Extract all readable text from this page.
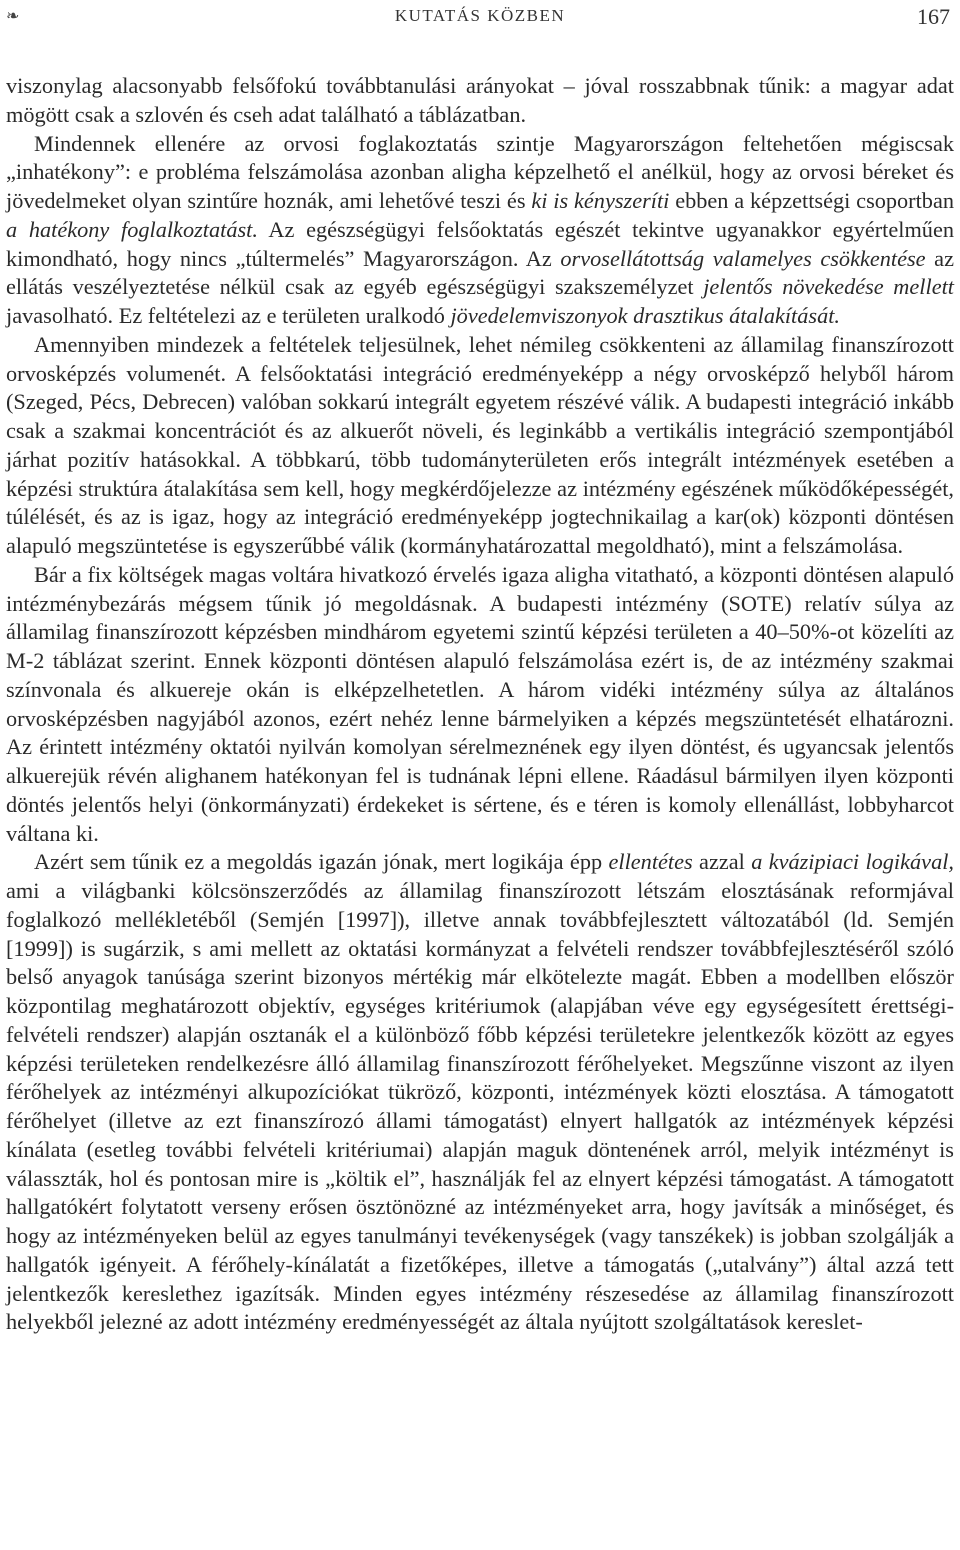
❧	KUTATÁS KÖZBEN	167

viszonylag alacsonyabb felsőfokú továbbtanulási arányokat – jóval rosszabbnak tűnik: a magyar adat mögött csak a szlovén és cseh adat található a táblázatban.

Mindennek ellenére az orvosi foglakoztatás szintje Magyarországon feltehetően mégiscsak „inhatékony”: e probléma felszámolása azonban aligha képzelhető el anélkül, hogy az orvosi béreket és jövedelmeket olyan szintűre hoznák, ami lehetővé teszi és ki is kényszeríti ebben a képzettségi csoportban a hatékony foglalkoztatást. Az egészségügyi felsőoktatás egészét tekintve ugyanakkor egyértelműen kimondható, hogy nincs „túltermelés” Magyarországon. Az orvosellátottság valamelyes csökkentése az ellátás veszélyeztetése nélkül csak az egyéb egészségügyi szakszemélyzet jelentős növekedése mellett javasolható. Ez feltételezi az e területen uralkodó jövedelemviszonyok drasztikus átalakítását.

Amennyiben mindezek a feltételek teljesülnek, lehet némileg csökkenteni az államilag finanszírozott orvosképzés volumenét. A felsőoktatási integráció eredményeképp a négy orvosképző helyből három (Szeged, Pécs, Debrecen) valóban sokkarú integrált egyetem részévé válik. A budapesti integráció inkább csak a szakmai koncentrációt és az alkuerőt növeli, és leginkább a vertikális integráció szempontjából járhat pozitív hatásokkal. A többkarú, több tudományterületen erős integrált intézmények esetében a képzési struktúra átalakítása sem kell, hogy megkérdőjelezze az intézmény egészének működőképességét, túlélését, és az is igaz, hogy az integráció eredményeképp jogtechnikailag a kar(ok) központi döntésen alapuló megszüntetése is egyszerűbbé válik (kormányhatározattal megoldható), mint a felszámolása.

Bár a fix költségek magas voltára hivatkozó érvelés igaza aligha vitatható, a központi döntésen alapuló intézménybezárás mégsem tűnik jó megoldásnak. A budapesti intézmény (SOTE) relatív súlya az államilag finanszírozott képzésben mindhárom egyetemi szintű képzési területen a 40–50%-ot közelíti az M-2 táblázat szerint. Ennek központi döntésen alapuló felszámolása ezért is, de az intézmény szakmai színvonala és alkuereje okán is elképzelhetetlen. A három vidéki intézmény súlya az általános orvosképzésben nagyjából azonos, ezért nehéz lenne bármelyiken a képzés megszüntetését elhatározni. Az érintett intézmény oktatói nyilván komolyan sérelmeznének egy ilyen döntést, és ugyancsak jelentős alkuerejük révén alighanem hatékonyan fel is tudnának lépni ellene. Ráadásul bármilyen ilyen központi döntés jelentős helyi (önkormányzati) érdekeket is sértene, és e téren is komoly ellenállást, lobbyharcot váltana ki.

Azért sem tűnik ez a megoldás igazán jónak, mert logikája épp ellentétes azzal a kvázipiaci logikával, ami a világbanki kölcsönszerződés az államilag finanszírozott létszám elosztásának reformjával foglalkozó mellékletéből (Semjén [1997]), illetve annak továbbfejlesztett változatából (ld. Semjén [1999]) is sugárzik, s ami mellett az oktatási kormányzat a felvételi rendszer továbbfejlesztéséről szóló belső anyagok tanúsága szerint bizonyos mértékig már elkötelezte magát. Ebben a modellben először központilag meghatározott objektív, egységes kritériumok (alapjában véve egy egységesített érettségi-felvételi rendszer) alapján osztanák el a különböző főbb képzési területekre jelentkezők között az egyes képzési területeken rendelkezésre álló államilag finanszírozott férőhelyeket. Megszűnne viszont az ilyen férőhelyek az intézményi alkupozíciókat tükröző, központi, intézmények közti elosztása. A támogatott férőhelyet (illetve az ezt finanszírozó állami támogatást) elnyert hallgatók az intézmények képzési kínálata (esetleg további felvételi kritériumai) alapján maguk döntenének arról, melyik intézményt is válasszták, hol és pontosan mire is „költik el”, használják fel az elnyert képzési támogatást. A támogatott hallgatókért folytatott verseny erősen ösztönözné az intézményeket arra, hogy javítsák a minőséget, és hogy az intézményeken belül az egyes tanulmányi tevékenységek (vagy tanszékek) is jobban szolgálják a hallgatók igényeit. A férőhely-kínálatát a fizetőképes, illetve a támogatás („utalvány”) által azzá tett jelentkezők kereslethez igazítsák. Minden egyes intézmény részesedése az államilag finanszírozott helyekből jelezné az adott intézmény eredményességét az általa nyújtott szolgáltatások kereslet-
